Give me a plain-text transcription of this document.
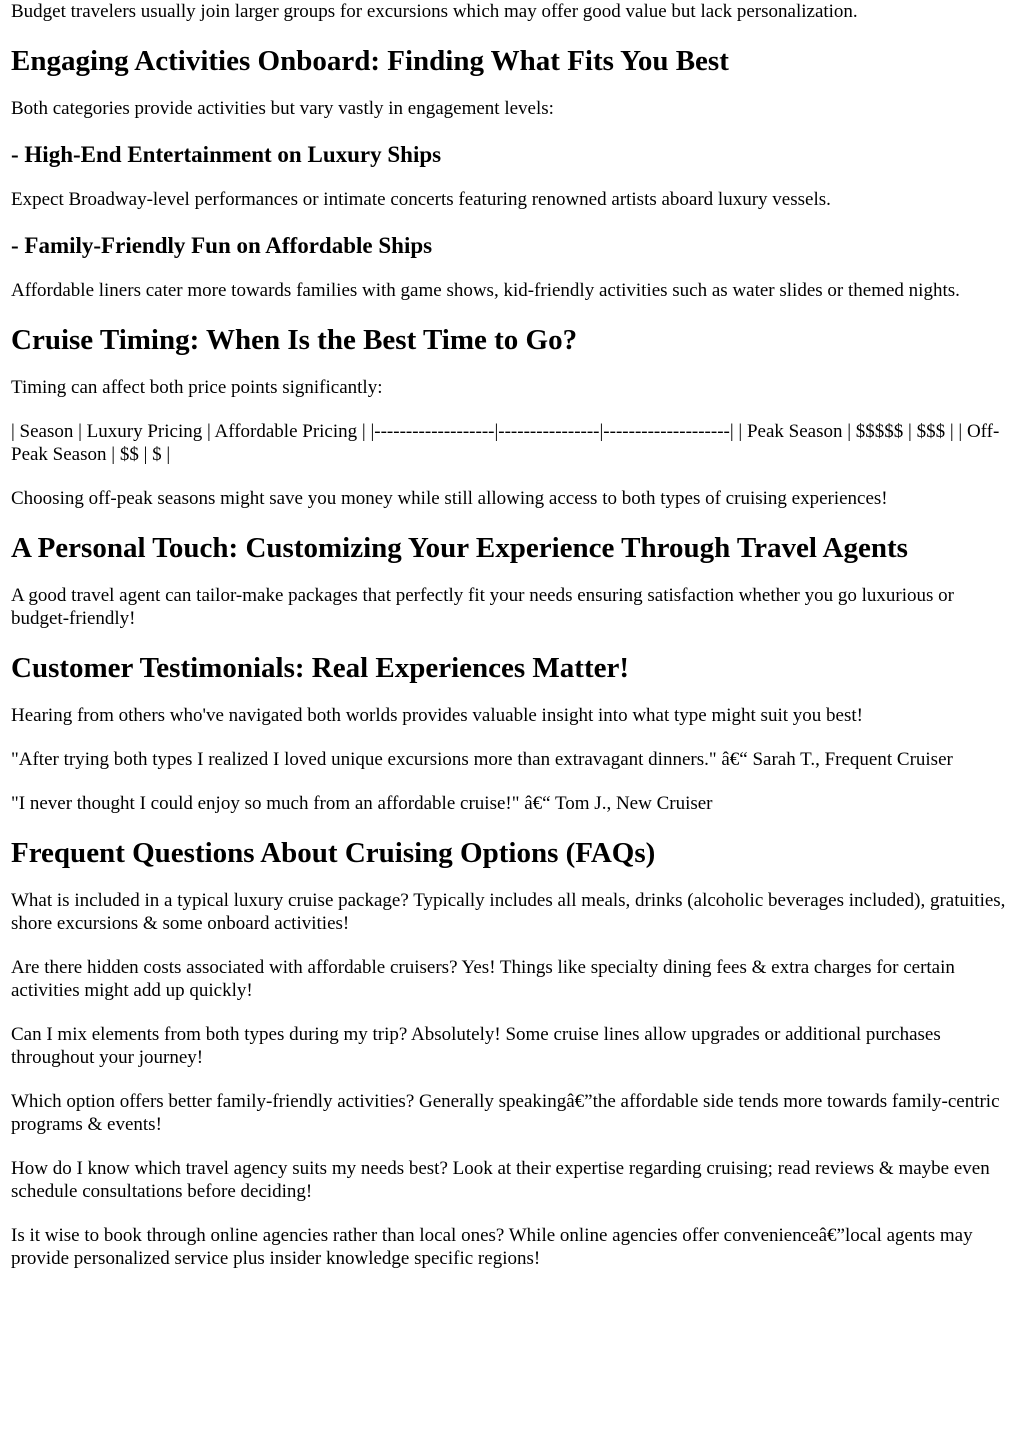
Budget travelers usually join larger groups for excursions which may offer good value but lack personalization.

Engaging Activities Onboard: Finding What Fits You Best

Both categories provide activities but vary vastly in engagement levels:

- High-End Entertainment on Luxury Ships

Expect Broadway-level performances or intimate concerts featuring renowned artists aboard luxury vessels.

- Family-Friendly Fun on Affordable Ships

Affordable liners cater more towards families with game shows, kid-friendly activities such as water slides or themed nights.

Cruise Timing: When Is the Best Time to Go?

Timing can affect both price points significantly:

| Season | Luxury Pricing | Affordable Pricing | |-------------------|----------------|--------------------| | Peak Season | $$$$$ | $$$ | | Off-Peak Season | $$ | $ |

Choosing off-peak seasons might save you money while still allowing access to both types of cruising experiences!

A Personal Touch: Customizing Your Experience Through Travel Agents

A good travel agent can tailor-make packages that perfectly fit your needs ensuring satisfaction whether you go luxurious or budget-friendly!

Customer Testimonials: Real Experiences Matter!

Hearing from others who've navigated both worlds provides valuable insight into what type might suit you best!

"After trying both types I realized I loved unique excursions more than extravagant dinners." â€“ Sarah T., Frequent Cruiser

"I never thought I could enjoy so much from an affordable cruise!" â€“ Tom J., New Cruiser

Frequent Questions About Cruising Options (FAQs)

What is included in a typical luxury cruise package? Typically includes all meals, drinks (alcoholic beverages included), gratuities, shore excursions & some onboard activities!

Are there hidden costs associated with affordable cruisers? Yes! Things like specialty dining fees & extra charges for certain activities might add up quickly!

Can I mix elements from both types during my trip? Absolutely! Some cruise lines allow upgrades or additional purchases throughout your journey!

Which option offers better family-friendly activities? Generally speakingâ€”the affordable side tends more towards family-centric programs & events!

How do I know which travel agency suits my needs best? Look at their expertise regarding cruising; read reviews & maybe even schedule consultations before deciding!

Is it wise to book through online agencies rather than local ones? While online agencies offer convenienceâ€”local agents may provide personalized service plus insider knowledge specific regions!
